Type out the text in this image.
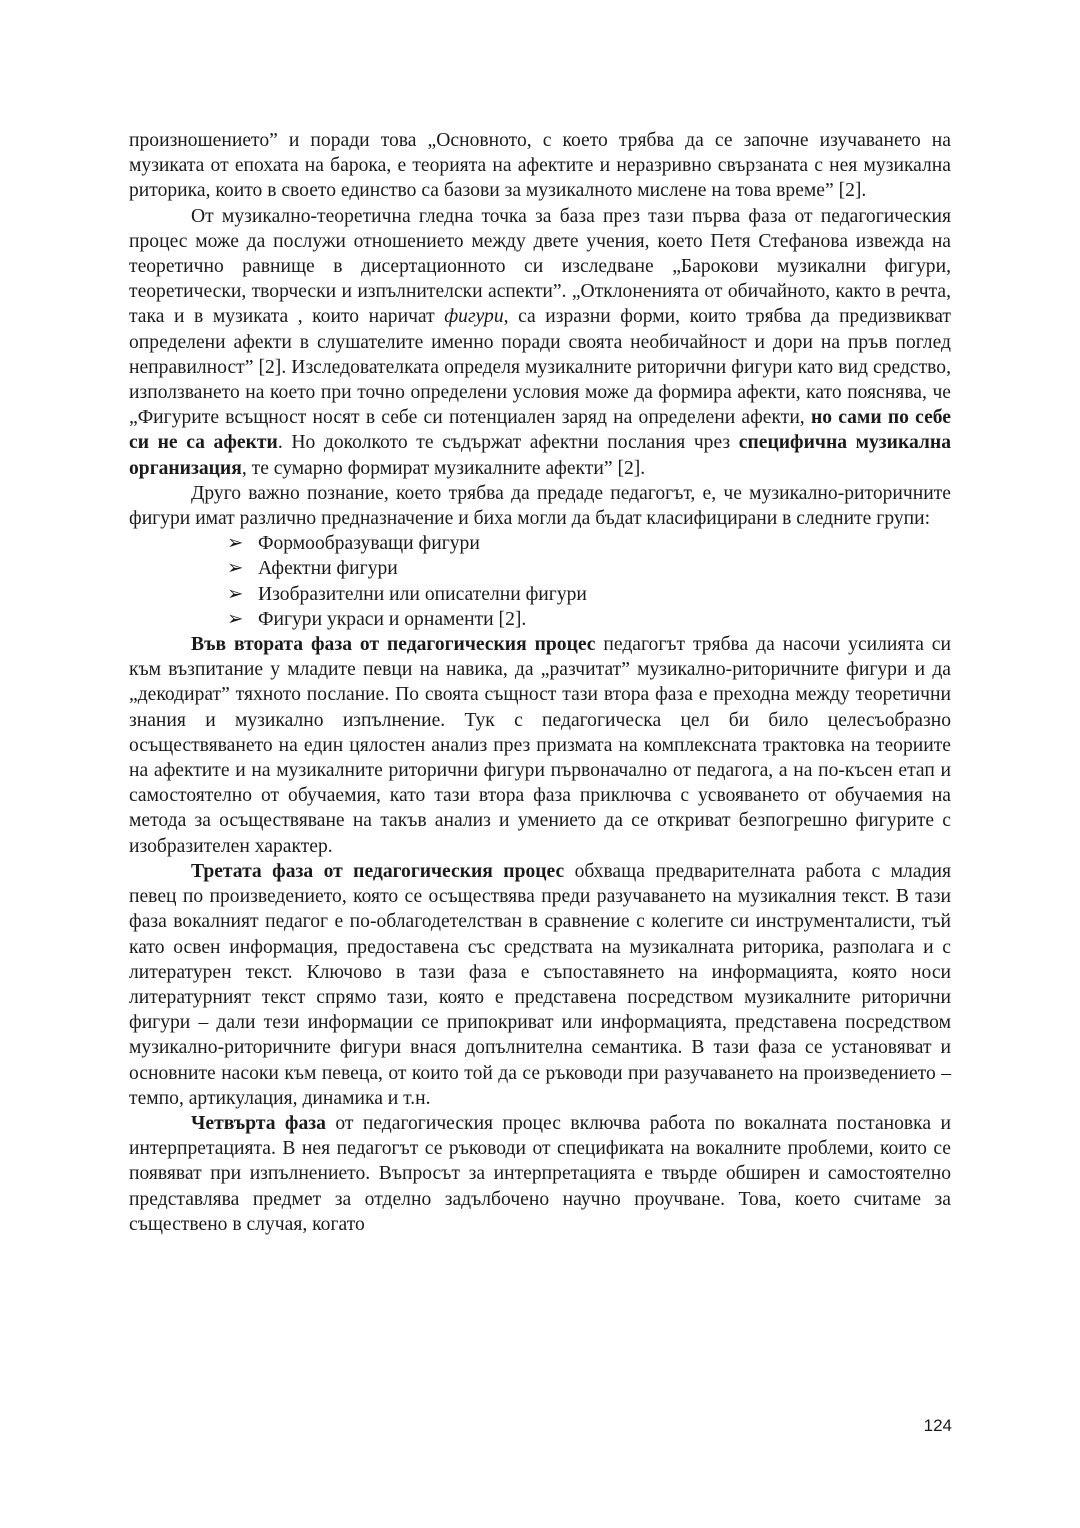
произношението” и поради това „Основното, с което трябва да се започне изучаването на музиката от епохата на барока, е теорията на афектите и неразривно свързаната с нея музикална риторика, които в своето единство са базови за музикалното мислене на това време” [2].

От музикално-теоретична гледна точка за база през тази първа фаза от педагогическия процес може да послужи отношението между двете учения, което Петя Стефанова извежда на теоретично равнище в дисертационното си изследване „Барокови музикални фигури, теоретически, творчески и изпълнителски аспекти”. „Отклоненията от обичайното, както в речта, така и в музиката , които наричат фигури, са изразни форми, които трябва да предизвикват определени афекти в слушателите именно поради своята необичайност и дори на пръв поглед неправилност” [2]. Изследователката определя музикалните риторични фигури като вид средство, използването на което при точно определени условия може да формира афекти, като пояснява, че „Фигурите всъщност носят в себе си потенциален заряд на определени афекти, но сами по себе си не са афекти. Но доколкото те съдържат афектни послания чрез специфична музикална организация, те сумарно формират музикалните афекти” [2].

Друго важно познание, което трябва да предаде педагогът, е, че музикално-риторичните фигури имат различно предназначение и биха могли да бъдат класифицирани в следните групи:

➢ Формообразуващи фигури
➢ Афектни фигури
➢ Изобразителни или описателни фигури
➢ Фигури украси и орнаменти [2].

Във втората фаза от педагогическия процес педагогът трябва да насочи усилията си към възпитание у младите певци на навика, да „разчитат” музикално-риторичните фигури и да „декодират” тяхното послание. По своята същност тази втора фаза е преходна между теоретични знания и музикално изпълнение. Тук с педагогическа цел би било целесъобразно осъществяването на един цялостен анализ през призмата на комплексната трактовка на теориите на афектите и на музикалните риторични фигури първоначално от педагога, а на по-късен етап и самостоятелно от обучаемия, като тази втора фаза приключва с усвояването от обучаемия на метода за осъществяване на такъв анализ и умението да се откриват безпогрешно фигурите с изобразителен характер.

Третата фаза от педагогическия процес обхваща предварителната работа с младия певец по произведението, която се осъществява преди разучаването на музикалния текст. В тази фаза вокалният педагог е по-облагодетелстван в сравнение с колегите си инструменталисти, тъй като освен информация, предоставена със средствата на музикалната риторика, разполага и с литературен текст. Ключово в тази фаза е съпоставянето на информацията, която носи литературният текст спрямо тази, която е представена посредством музикалните риторични фигури – дали тези информации се припокриват или информацията, представена посредством музикално-риторичните фигури внася допълнителна семантика. В тази фаза се установяват и основните насоки към певеца, от които той да се ръководи при разучаването на произведението – темпо, артикулация, динамика и т.н.

Четвърта фаза от педагогическия процес включва работа по вокалната постановка и интерпретацията. В нея педагогът се ръководи от спецификата на вокалните проблеми, които се появяват при изпълнението. Въпросът за интерпретацията е твърде обширен и самостоятелно представлява предмет за отделно задълбочено научно проучване. Това, което считаме за съществено в случая, когато

124
